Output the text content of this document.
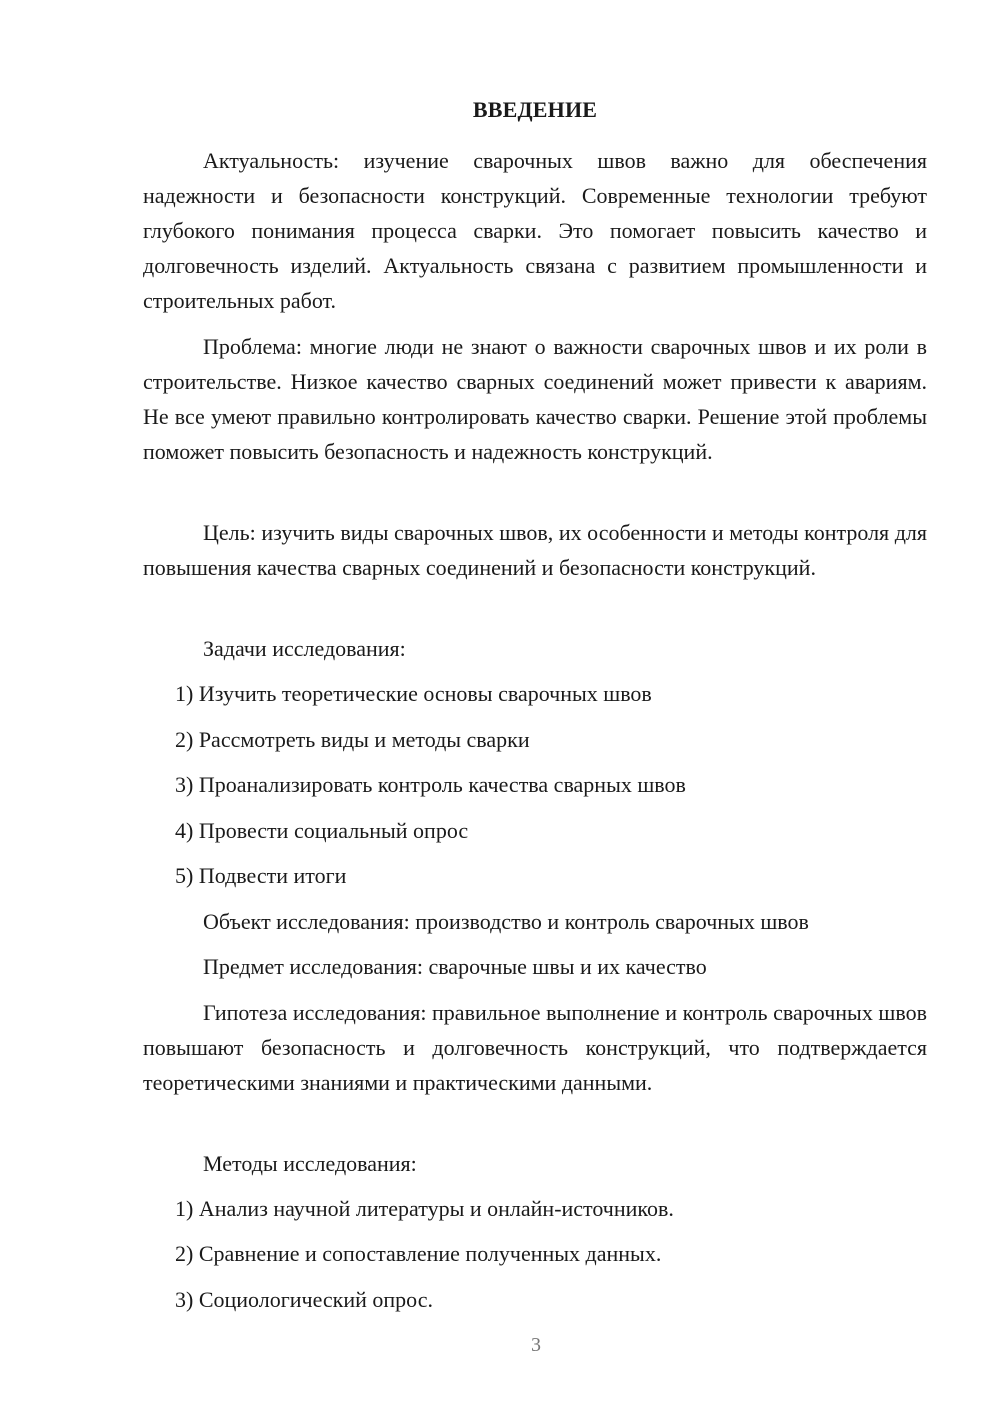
ВВЕДЕНИЕ

Актуальность: изучение сварочных швов важно для обеспечения надежности и безопасности конструкций. Современные технологии требуют глубокого понимания процесса сварки. Это помогает повысить качество и долговечность изделий. Актуальность связана с развитием промышленности и строительных работ.

Проблема: многие люди не знают о важности сварочных швов и их роли в строительстве. Низкое качество сварных соединений может привести к авариям. Не все умеют правильно контролировать качество сварки. Решение этой проблемы поможет повысить безопасность и надежность конструкций.

Цель: изучить виды сварочных швов, их особенности и методы контроля для повышения качества сварных соединений и безопасности конструкций.

Задачи исследования:
1) Изучить теоретические основы сварочных швов
2) Рассмотреть виды и методы сварки
3) Проанализировать контроль качества сварных швов
4) Провести социальный опрос
5) Подвести итоги
Объект исследования: производство и контроль сварочных швов
Предмет исследования: сварочные швы и их качество

Гипотеза исследования: правильное выполнение и контроль сварочных швов повышают безопасность и долговечность конструкций, что подтверждается теоретическими знаниями и практическими данными.

Методы исследования:
1) Анализ научной литературы и онлайн-источников.
2) Сравнение и сопоставление полученных данных.
3) Социологический опрос.
3
